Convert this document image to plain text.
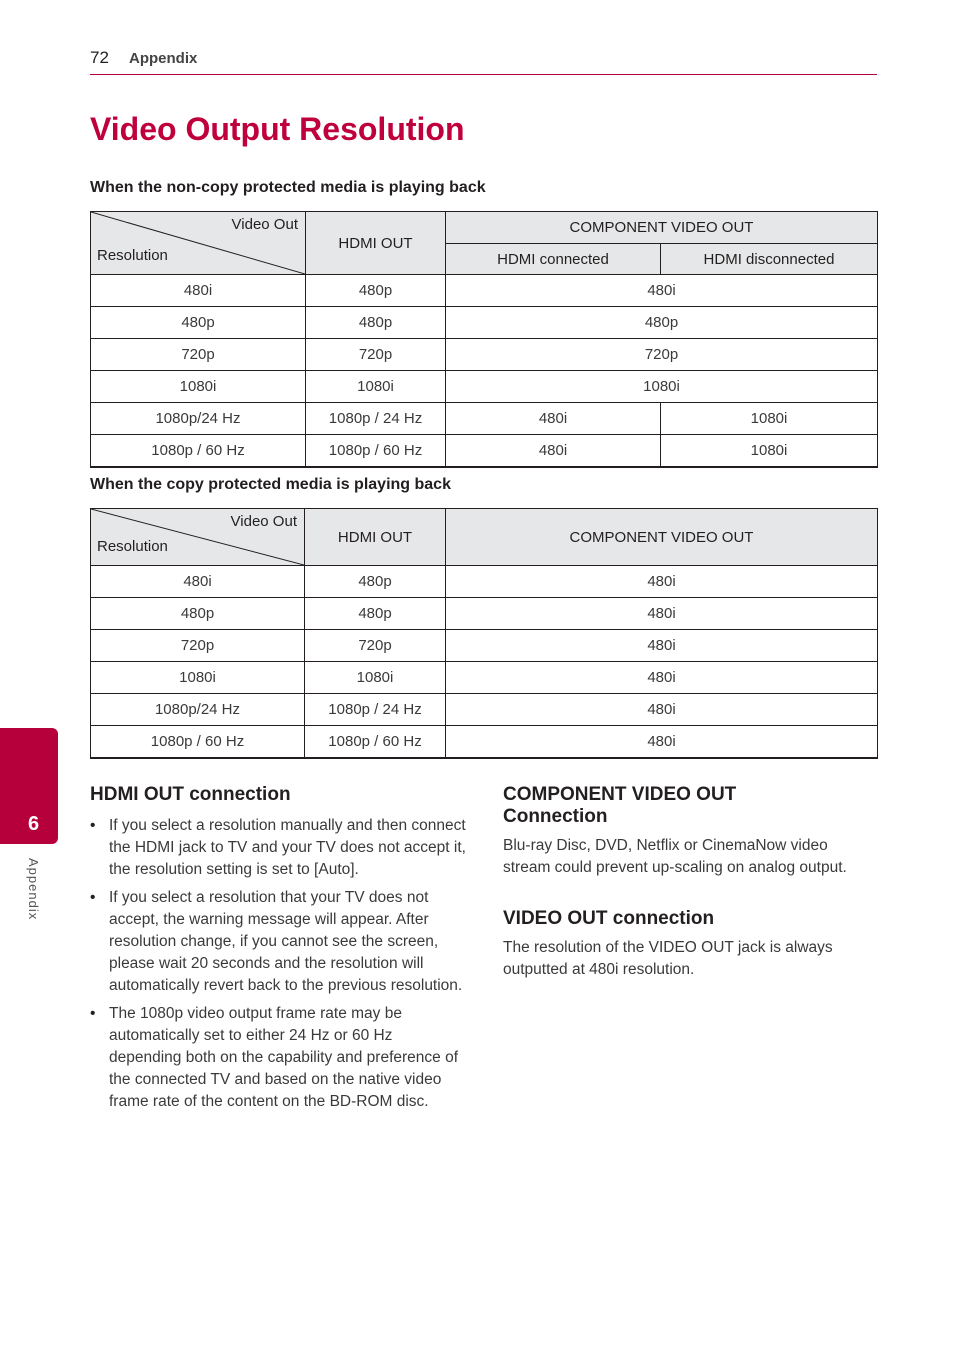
72 Appendix
Video Output Resolution
When the non-copy protected media is playing back
Video Out
Resolution	HDMI OUT	COMPONENT VIDEO OUT	
		HDMI connected	HDMI disconnected
480i	480p	480i	
480p	480p	480p	
720p	720p	720p	
1080i	1080i	1080i	
1080p/24 Hz	1080p / 24 Hz	480i	1080i
1080p / 60 Hz	1080p / 60 Hz	480i	1080i
When the copy protected media is playing back
Video Out
Resolution	HDMI OUT	COMPONENT VIDEO OUT
480i	480p	480i
480p	480p	480i
720p	720p	480i
1080i	1080i	480i
1080p/24 Hz	1080p / 24 Hz	480i
1080p / 60 Hz	1080p / 60 Hz	480i
HDMI OUT connection
• If you select a resolution manually and then connect the HDMI jack to TV and your TV does not accept it, the resolution setting is set to [Auto].
• If you select a resolution that your TV does not accept, the warning message will appear. After resolution change, if you cannot see the screen, please wait 20 seconds and the resolution will automatically revert back to the previous resolution.
• The 1080p video output frame rate may be automatically set to either 24 Hz or 60 Hz depending both on the capability and preference of the connected TV and based on the native video frame rate of the content on the BD-ROM disc.
COMPONENT VIDEO OUT
Connection
Blu-ray Disc, DVD, Netflix or CinemaNow video stream could prevent up-scaling on analog output.
VIDEO OUT connection
The resolution of the VIDEO OUT jack is always outputted at 480i resolution.
6
Appendix
